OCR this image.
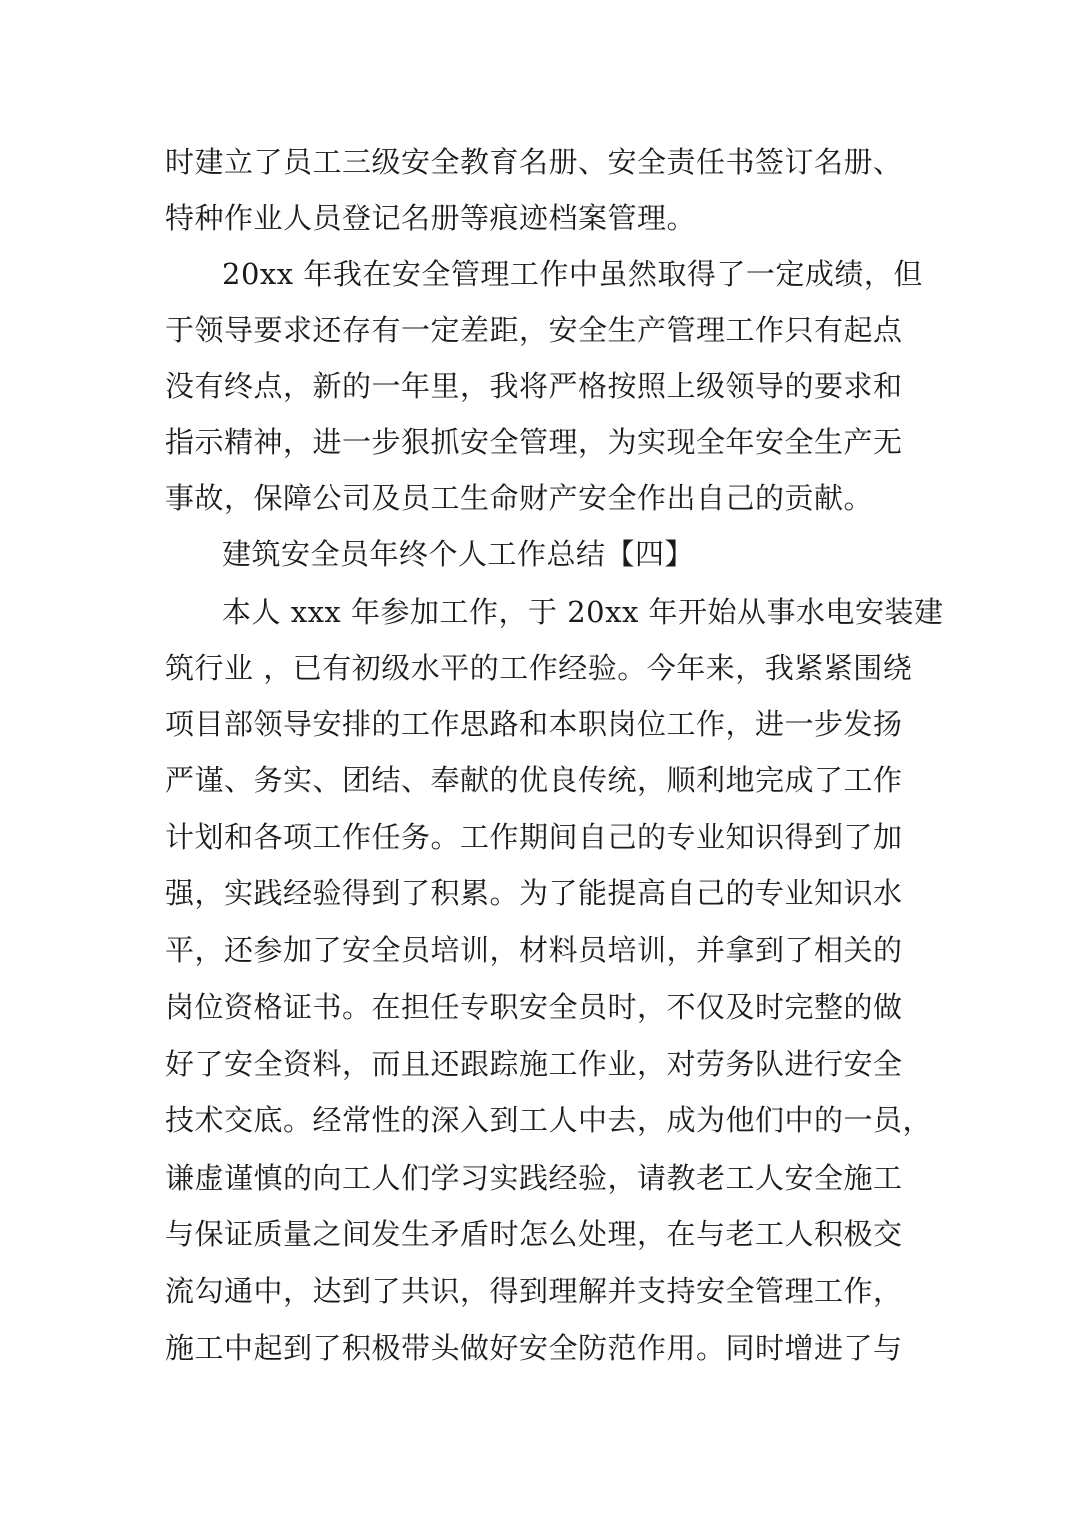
时建立了员工三级安全教育名册、安全责任书签订名册、
特种作业人员登记名册等痕迹档案管理。
20xx 年我在安全管理工作中虽然取得了一定成绩，但
于领导要求还存有一定差距，安全生产管理工作只有起点
没有终点，新的一年里，我将严格按照上级领导的要求和
指示精神，进一步狠抓安全管理，为实现全年安全生产无
事故，保障公司及员工生命财产安全作出自己的贡献。
建筑安全员年终个人工作总结【四】
本人 xxx 年参加工作，于 20xx 年开始从事水电安装建
筑行业 ，已有初级水平的工作经验。今年来，我紧紧围绕
项目部领导安排的工作思路和本职岗位工作，进一步发扬
严谨、务实、团结、奉献的优良传统，顺利地完成了工作
计划和各项工作任务。工作期间自己的专业知识得到了加
强，实践经验得到了积累。为了能提高自己的专业知识水
平，还参加了安全员培训，材料员培训，并拿到了相关的
岗位资格证书。在担任专职安全员时，不仅及时完整的做
好了安全资料，而且还跟踪施工作业，对劳务队进行安全
技术交底。经常性的深入到工人中去，成为他们中的一员，
谦虚谨慎的向工人们学习实践经验，请教老工人安全施工
与保证质量之间发生矛盾时怎么处理，在与老工人积极交
流勾通中，达到了共识，得到理解并支持安全管理工作，
施工中起到了积极带头做好安全防范作用。同时增进了与
